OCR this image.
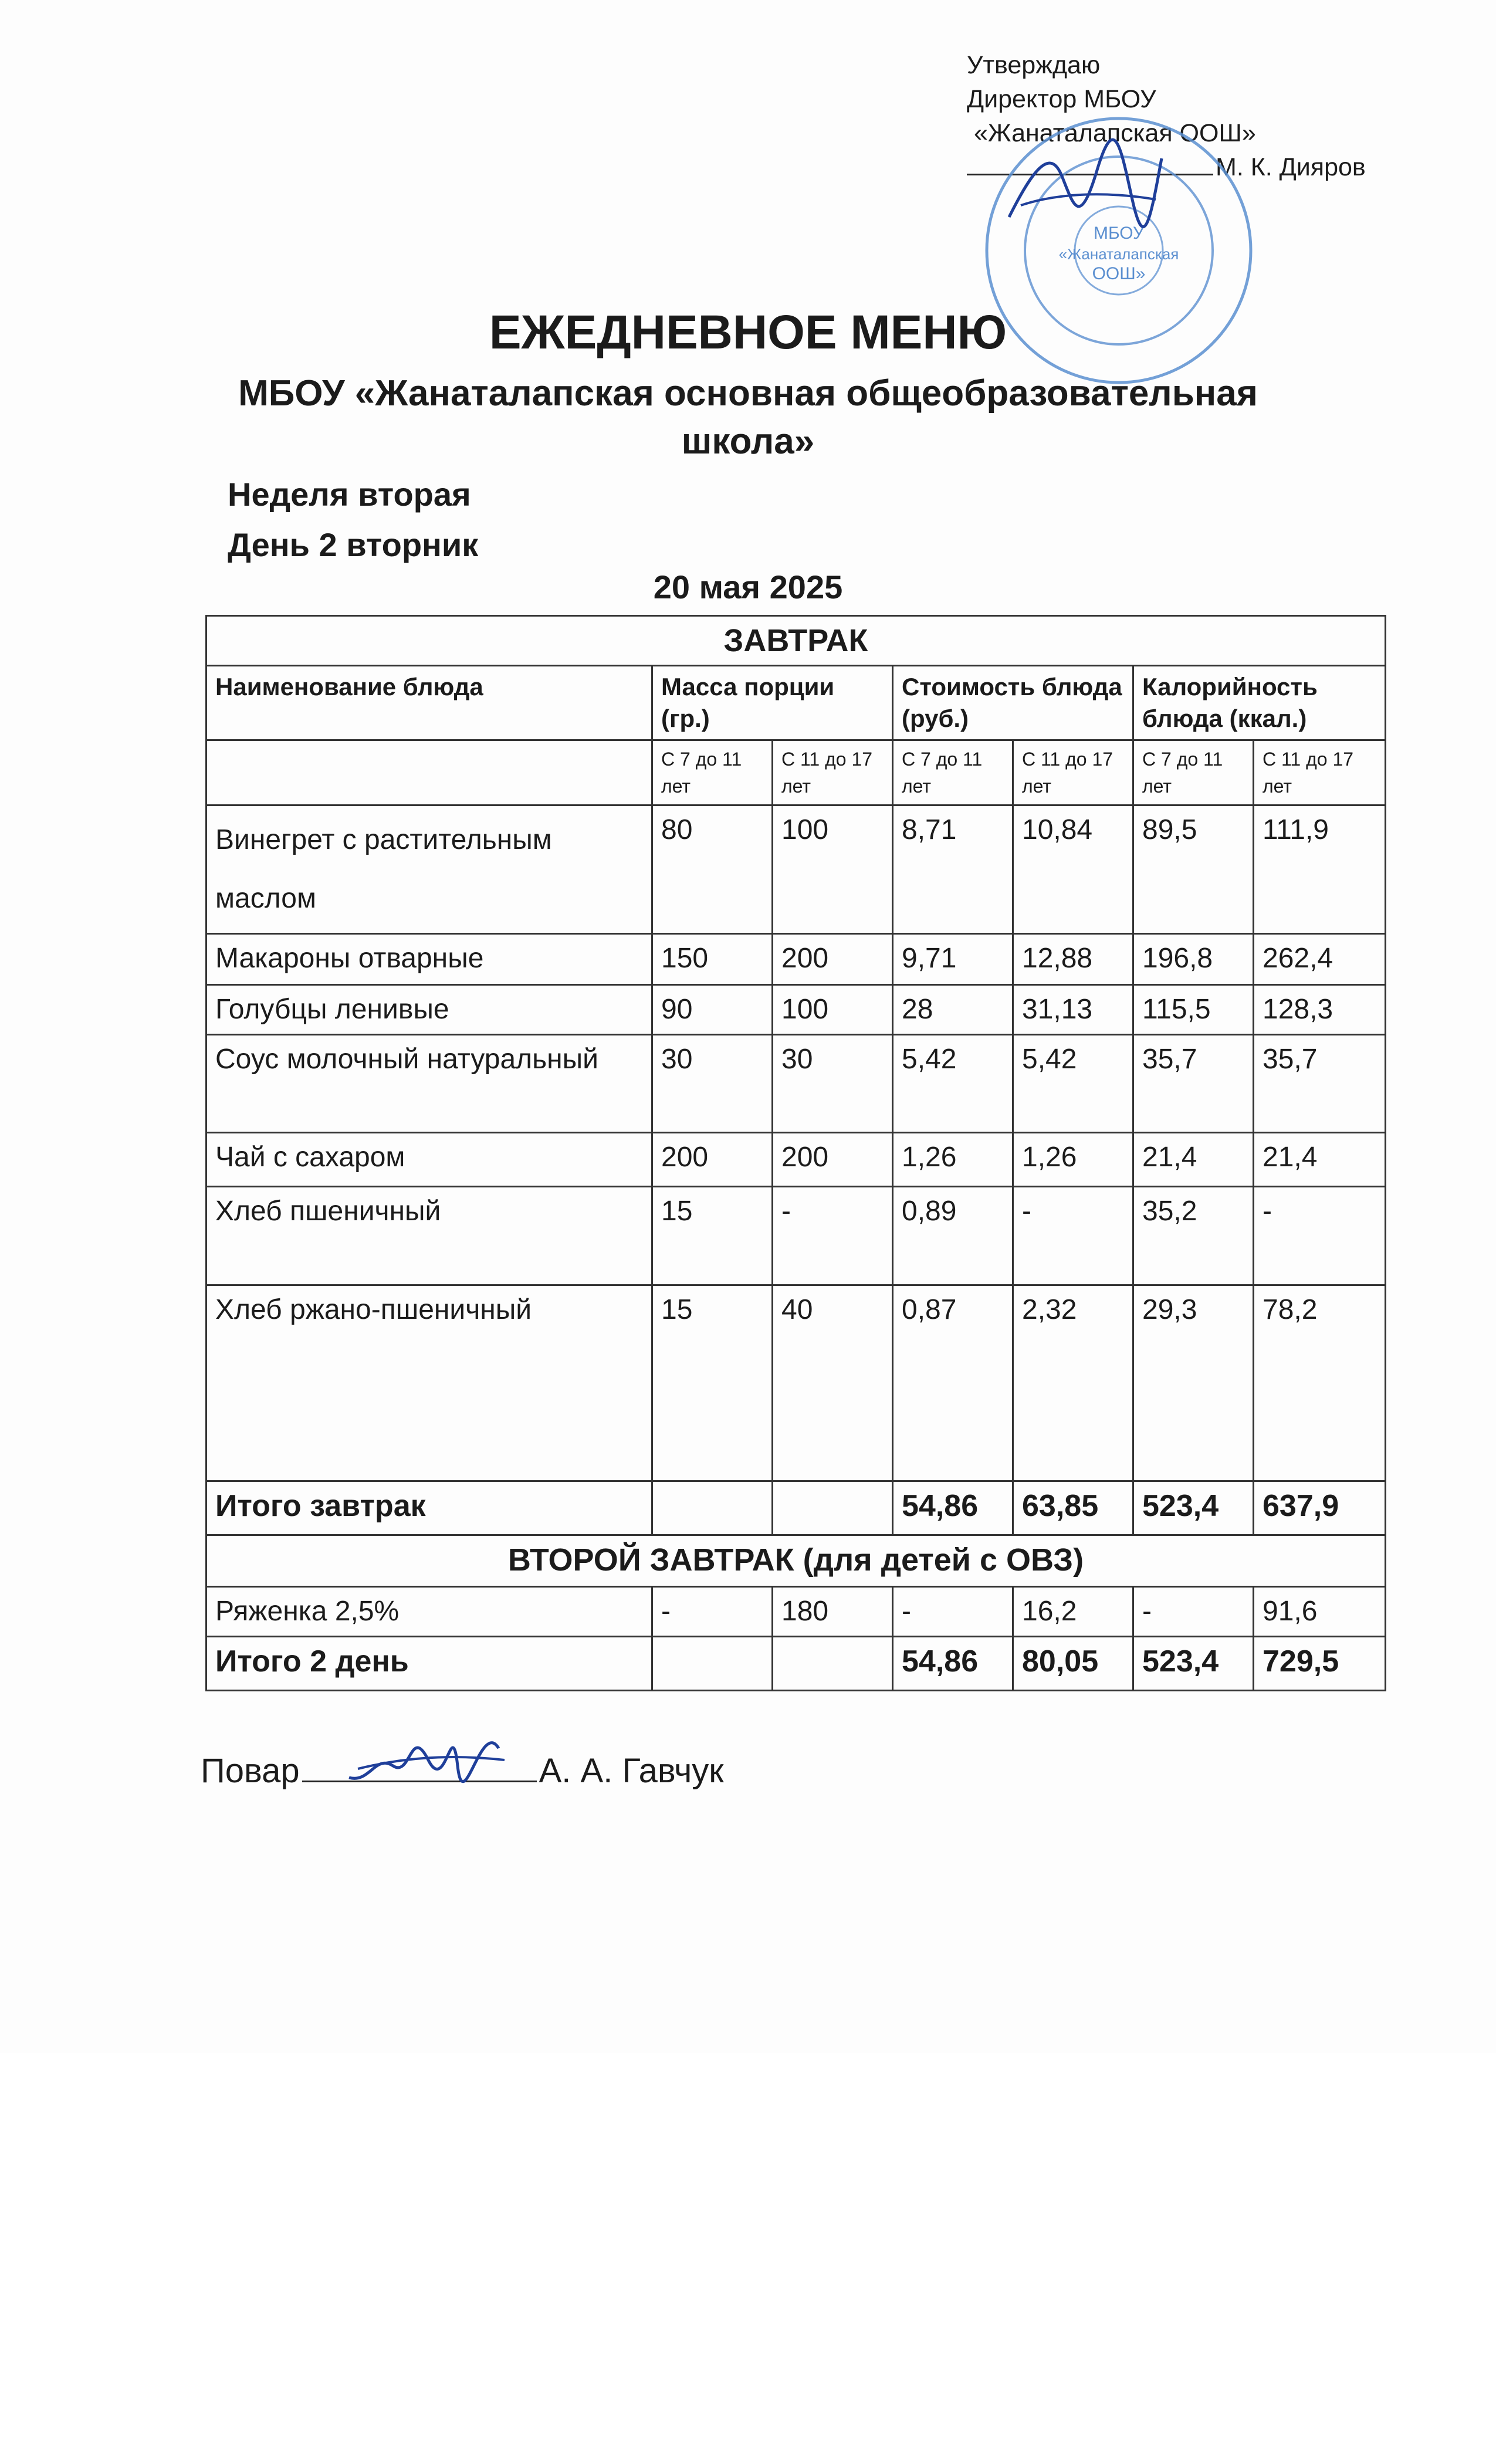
Утверждаю
Директор МБОУ
«Жанаталапская ООШ»
М. К. Дияров
МБОУ
«Жанаталапская
ООШ»
ЕЖЕДНЕВНОЕ МЕНЮ
МБОУ «Жанаталапская основная общеобразовательная школа»
Неделя вторая
День 2 вторник
20 мая 2025
ЗАВТРАК						
Наименование блюда	Масса порции (гр.)		Стоимость блюда (руб.)		Калорийность блюда (ккал.)	
	С 7 до 11 лет	С 11 до 17 лет	С 7 до 11 лет	С 11 до 17 лет	С 7 до 11 лет	С 11 до 17 лет
Винегрет с растительным маслом	80	100	8,71	10,84	89,5	111,9
Макароны отварные	150	200	9,71	12,88	196,8	262,4
Голубцы ленивые	90	100	28	31,13	115,5	128,3
Соус молочный натуральный	30	30	5,42	5,42	35,7	35,7
Чай с сахаром	200	200	1,26	1,26	21,4	21,4
Хлеб пшеничный	15	-	0,89	-	35,2	-
Хлеб ржано-пшеничный	15	40	0,87	2,32	29,3	78,2
Итого завтрак			54,86	63,85	523,4	637,9
ВТОРОЙ ЗАВТРАК (для детей с ОВЗ)						
Ряженка 2,5%	-	180	-	16,2	-	91,6
Итого 2 день			54,86	80,05	523,4	729,5
Повар	А. А. Гавчук
